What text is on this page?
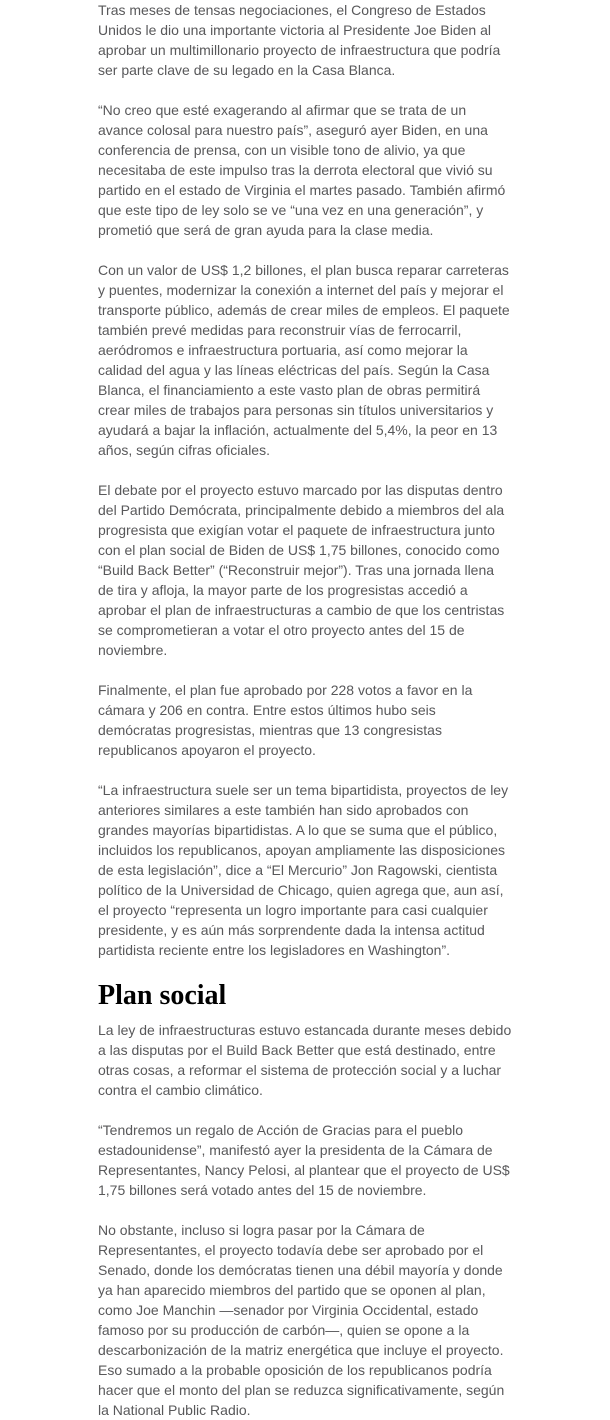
Tras meses de tensas negociaciones, el Congreso de Estados Unidos le dio una importante victoria al Presidente Joe Biden al aprobar un multimillonario proyecto de infraestructura que podría ser parte clave de su legado en la Casa Blanca.

“No creo que esté exagerando al afirmar que se trata de un avance colosal para nuestro país”, aseguró ayer Biden, en una conferencia de prensa, con un visible tono de alivio, ya que necesitaba de este impulso tras la derrota electoral que vivió su partido en el estado de Virginia el martes pasado. También afirmó que este tipo de ley solo se ve “una vez en una generación”, y prometió que será de gran ayuda para la clase media.

Con un valor de US$ 1,2 billones, el plan busca reparar carreteras y puentes, modernizar la conexión a internet del país y mejorar el transporte público, además de crear miles de empleos. El paquete también prevé medidas para reconstruir vías de ferrocarril, aeródromos e infraestructura portuaria, así como mejorar la calidad del agua y las líneas eléctricas del país. Según la Casa Blanca, el financiamiento a este vasto plan de obras permitirá crear miles de trabajos para personas sin títulos universitarios y ayudará a bajar la inflación, actualmente del 5,4%, la peor en 13 años, según cifras oficiales.

El debate por el proyecto estuvo marcado por las disputas dentro del Partido Demócrata, principalmente debido a miembros del ala progresista que exigían votar el paquete de infraestructura junto con el plan social de Biden de US$ 1,75 billones, conocido como “Build Back Better” (“Reconstruir mejor”). Tras una jornada llena de tira y afloja, la mayor parte de los progresistas accedió a aprobar el plan de infraestructuras a cambio de que los centristas se comprometieran a votar el otro proyecto antes del 15 de noviembre.

Finalmente, el plan fue aprobado por 228 votos a favor en la cámara y 206 en contra. Entre estos últimos hubo seis demócratas progresistas, mientras que 13 congresistas republicanos apoyaron el proyecto.

“La infraestructura suele ser un tema bipartidista, proyectos de ley anteriores similares a este también han sido aprobados con grandes mayorías bipartidistas. A lo que se suma que el público, incluidos los republicanos, apoyan ampliamente las disposiciones de esta legislación”, dice a “El Mercurio” Jon Ragowski, cientista político de la Universidad de Chicago, quien agrega que, aun así, el proyecto “representa un logro importante para casi cualquier presidente, y es aún más sorprendente dada la intensa actitud partidista reciente entre los legisladores en Washington”.

Plan social

La ley de infraestructuras estuvo estancada durante meses debido a las disputas por el Build Back Better que está destinado, entre otras cosas, a reformar el sistema de protección social y a luchar contra el cambio climático.

“Tendremos un regalo de Acción de Gracias para el pueblo estadounidense”, manifestó ayer la presidenta de la Cámara de Representantes, Nancy Pelosi, al plantear que el proyecto de US$ 1,75 billones será votado antes del 15 de noviembre.

No obstante, incluso si logra pasar por la Cámara de Representantes, el proyecto todavía debe ser aprobado por el Senado, donde los demócratas tienen una débil mayoría y donde ya han aparecido miembros del partido que se oponen al plan, como Joe Manchin —senador por Virginia Occidental, estado famoso por su producción de carbón—, quien se opone a la descarbonización de la matriz energética que incluye el proyecto. Eso sumado a la probable oposición de los republicanos podría hacer que el monto del plan se reduzca significativamente, según la National Public Radio.
